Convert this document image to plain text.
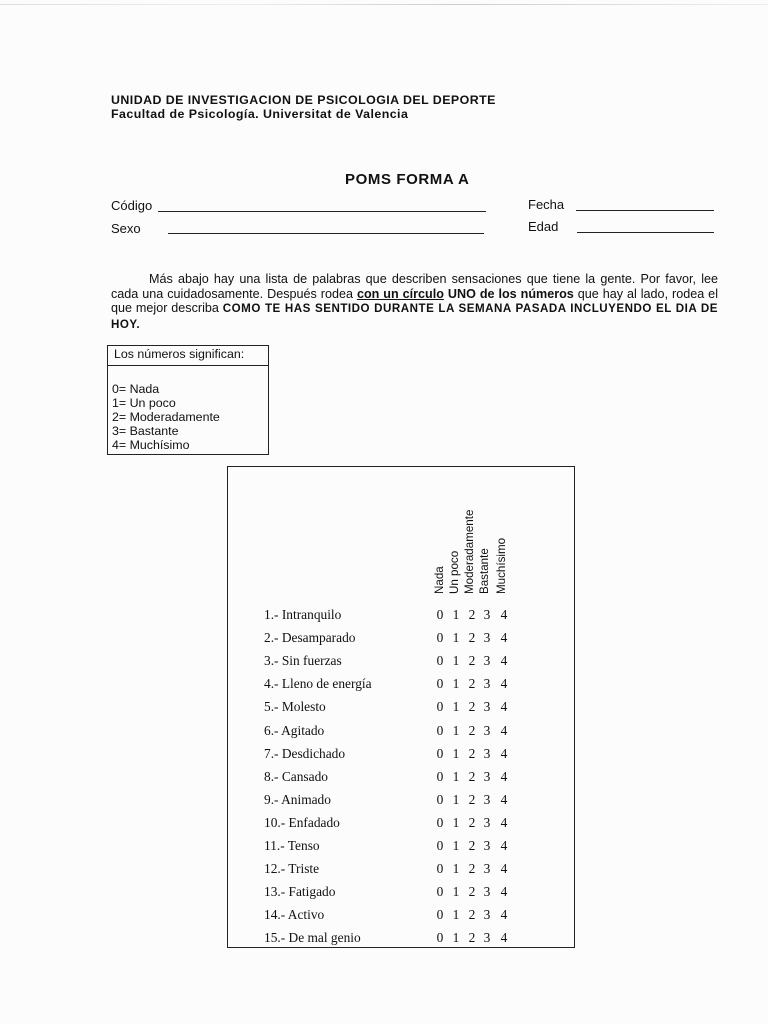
UNIDAD DE INVESTIGACION DE PSICOLOGIA DEL DEPORTE
Facultad de Psicología. Universitat de Valencia
POMS FORMA A
Código	Fecha
Sexo	Edad
Más abajo hay una lista de palabras que describen sensaciones que tiene la gente. Por favor, lee cada una cuidadosamente. Después rodea con un círculo UNO de los números que hay al lado, rodea el que mejor describa COMO TE HAS SENTIDO DURANTE LA SEMANA PASADA INCLUYENDO EL DIA DE HOY.
Los números significan:
0= Nada
1= Un poco
2= Moderadamente
3= Bastante
4= Muchísimo
Nada Un poco Moderadamente Bastante Muchísimo
1.- Intranquilo	0 1 2 3 4
2.- Desamparado	0 1 2 3 4
3.- Sin fuerzas	0 1 2 3 4
4.- Lleno de energía	0 1 2 3 4
5.- Molesto	0 1 2 3 4
6.- Agitado	0 1 2 3 4
7.- Desdichado	0 1 2 3 4
8.- Cansado	0 1 2 3 4
9.- Animado	0 1 2 3 4
10.- Enfadado	0 1 2 3 4
11.- Tenso	0 1 2 3 4
12.- Triste	0 1 2 3 4
13.- Fatigado	0 1 2 3 4
14.- Activo	0 1 2 3 4
15.- De mal genio	0 1 2 3 4
